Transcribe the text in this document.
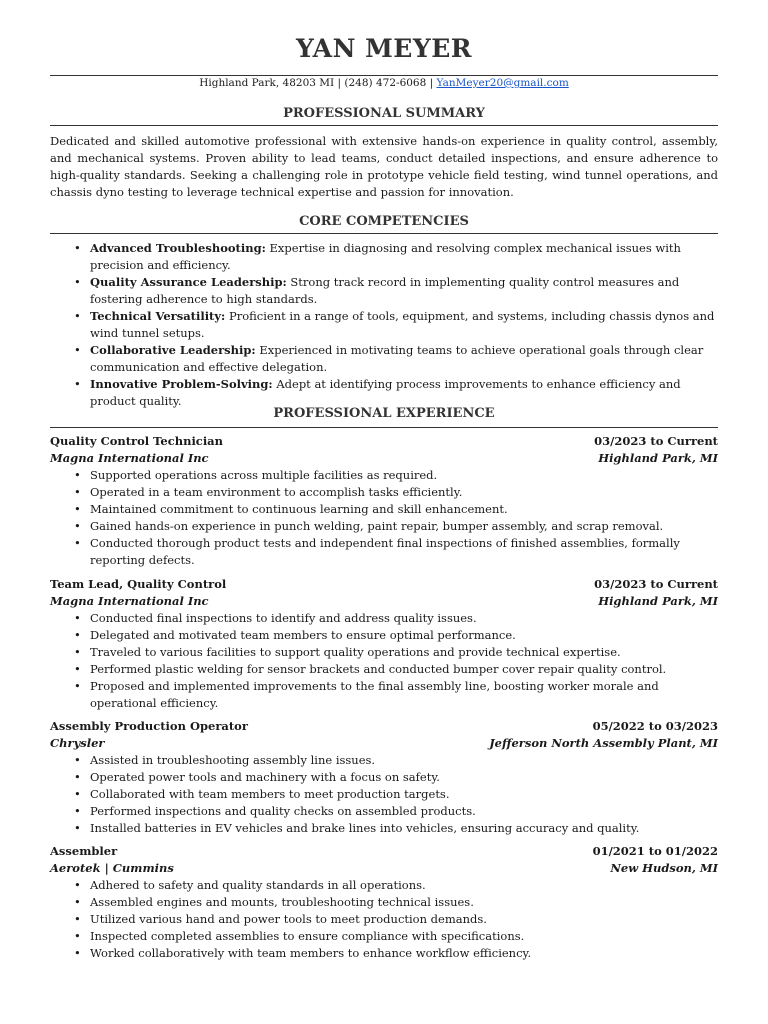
YAN MEYER
Highland Park, 48203 MI | (248) 472-6068 | YanMeyer20@gmail.com
PROFESSIONAL SUMMARY
Dedicated and skilled automotive professional with extensive hands-on experience in quality control, assembly, and mechanical systems. Proven ability to lead teams, conduct detailed inspections, and ensure adherence to high-quality standards. Seeking a challenging role in prototype vehicle field testing, wind tunnel operations, and chassis dyno testing to leverage technical expertise and passion for innovation.
CORE COMPETENCIES
• Advanced Troubleshooting: Expertise in diagnosing and resolving complex mechanical issues with precision and efficiency.
• Quality Assurance Leadership: Strong track record in implementing quality control measures and fostering adherence to high standards.
• Technical Versatility: Proficient in a range of tools, equipment, and systems, including chassis dynos and wind tunnel setups.
• Collaborative Leadership: Experienced in motivating teams to achieve operational goals through clear communication and effective delegation.
• Innovative Problem-Solving: Adept at identifying process improvements to enhance efficiency and product quality.
PROFESSIONAL EXPERIENCE
Quality Control Technician	03/2023 to Current
Magna International Inc	Highland Park, MI
• Supported operations across multiple facilities as required.
• Operated in a team environment to accomplish tasks efficiently.
• Maintained commitment to continuous learning and skill enhancement.
• Gained hands-on experience in punch welding, paint repair, bumper assembly, and scrap removal.
• Conducted thorough product tests and independent final inspections of finished assemblies, formally reporting defects.
Team Lead, Quality Control	03/2023 to Current
Magna International Inc	Highland Park, MI
• Conducted final inspections to identify and address quality issues.
• Delegated and motivated team members to ensure optimal performance.
• Traveled to various facilities to support quality operations and provide technical expertise.
• Performed plastic welding for sensor brackets and conducted bumper cover repair quality control.
• Proposed and implemented improvements to the final assembly line, boosting worker morale and operational efficiency.
Assembly Production Operator	05/2022 to 03/2023
Chrysler	Jefferson North Assembly Plant, MI
• Assisted in troubleshooting assembly line issues.
• Operated power tools and machinery with a focus on safety.
• Collaborated with team members to meet production targets.
• Performed inspections and quality checks on assembled products.
• Installed batteries in EV vehicles and brake lines into vehicles, ensuring accuracy and quality.
Assembler	01/2021 to 01/2022
Aerotek | Cummins	New Hudson, MI
• Adhered to safety and quality standards in all operations.
• Assembled engines and mounts, troubleshooting technical issues.
• Utilized various hand and power tools to meet production demands.
• Inspected completed assemblies to ensure compliance with specifications.
• Worked collaboratively with team members to enhance workflow efficiency.
